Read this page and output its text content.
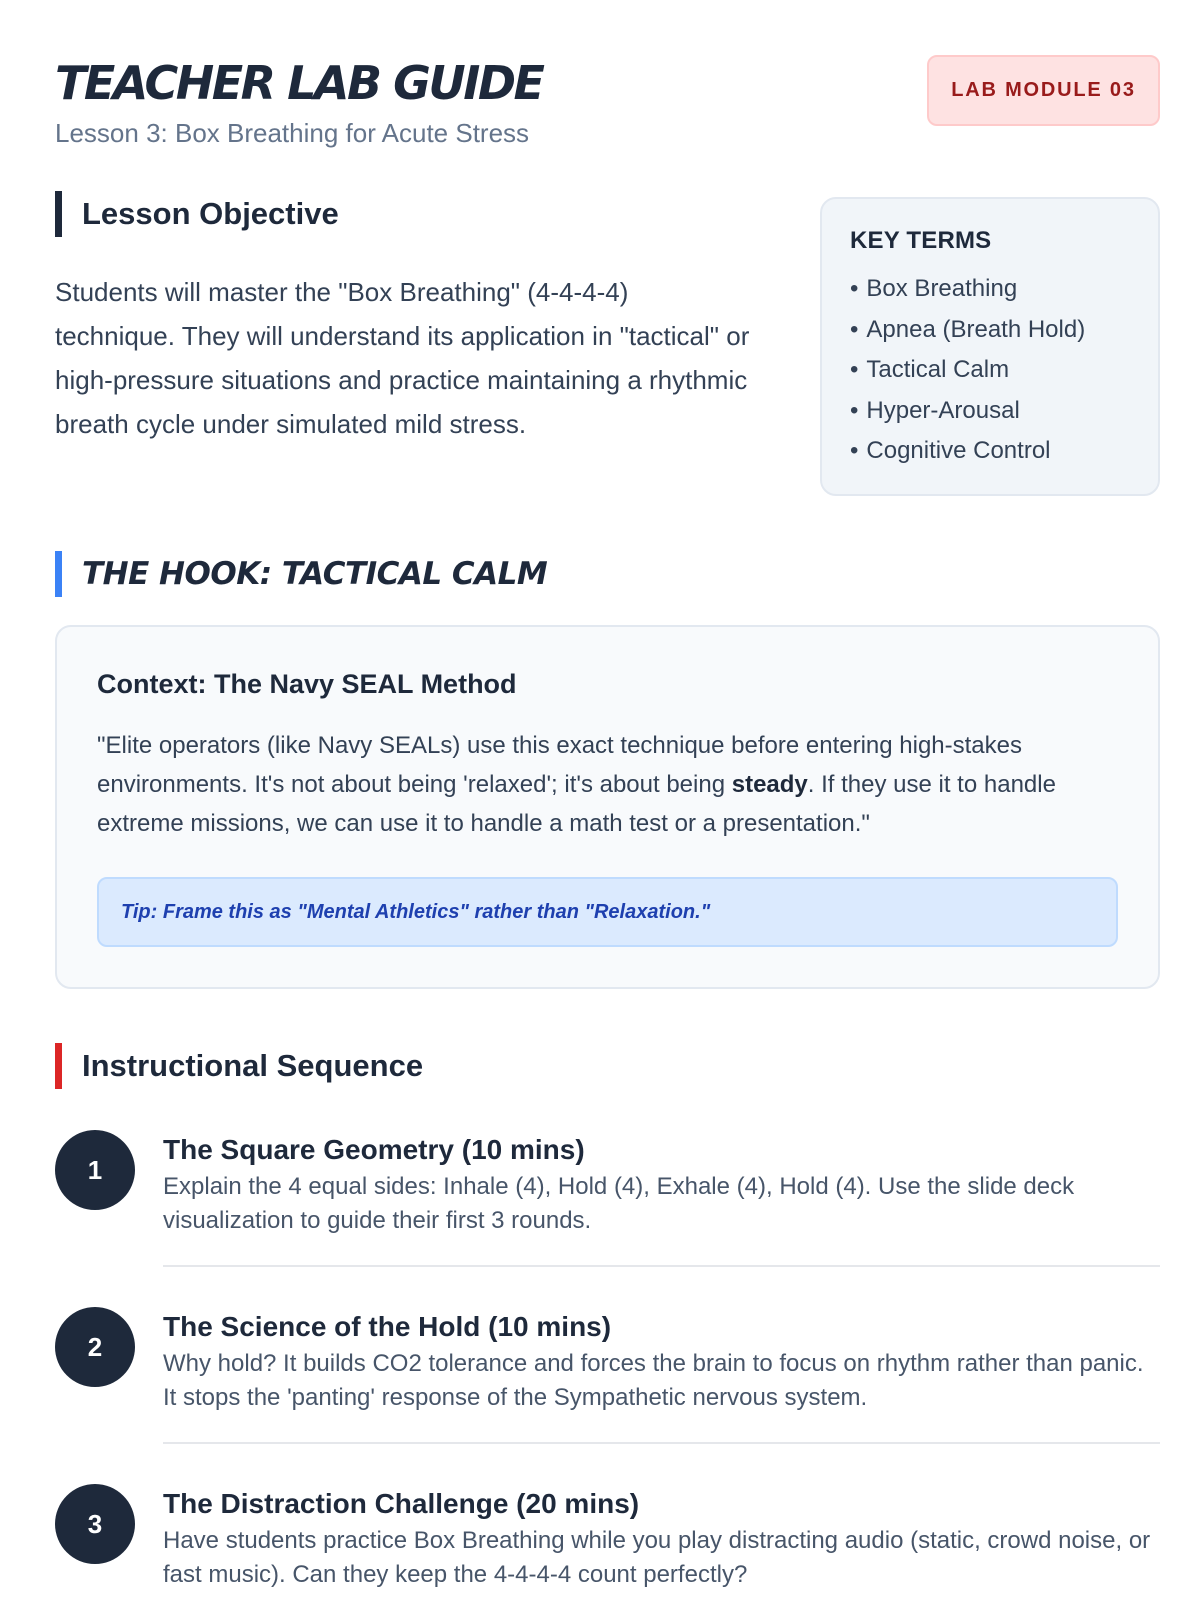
TEACHER LAB GUIDE
Lesson 3: Box Breathing for Acute Stress
LAB MODULE 03
Lesson Objective

Students will master the "Box Breathing" (4-4-4-4) technique. They will understand its application in "tactical" or high-pressure situations and practice maintaining a rhythmic breath cycle under simulated mild stress.

KEY TERMS
• Box Breathing
• Apnea (Breath Hold)
• Tactical Calm
• Hyper-Arousal
• Cognitive Control
THE HOOK: TACTICAL CALM
Context: The Navy SEAL Method

"Elite operators (like Navy SEALs) use this exact technique before entering high-stakes environments. It's not about being 'relaxed'; it's about being steady. If they use it to handle extreme missions, we can use it to handle a math test or a presentation."

Tip: Frame this as "Mental Athletics" rather than "Relaxation."
Instructional Sequence
1
The Square Geometry (10 mins)
Explain the 4 equal sides: Inhale (4), Hold (4), Exhale (4), Hold (4). Use the slide deck visualization to guide their first 3 rounds.
2
The Science of the Hold (10 mins)
Why hold? It builds CO2 tolerance and forces the brain to focus on rhythm rather than panic. It stops the 'panting' response of the Sympathetic nervous system.
3
The Distraction Challenge (20 mins)
Have students practice Box Breathing while you play distracting audio (static, crowd noise, or fast music). Can they keep the 4-4-4-4 count perfectly?
